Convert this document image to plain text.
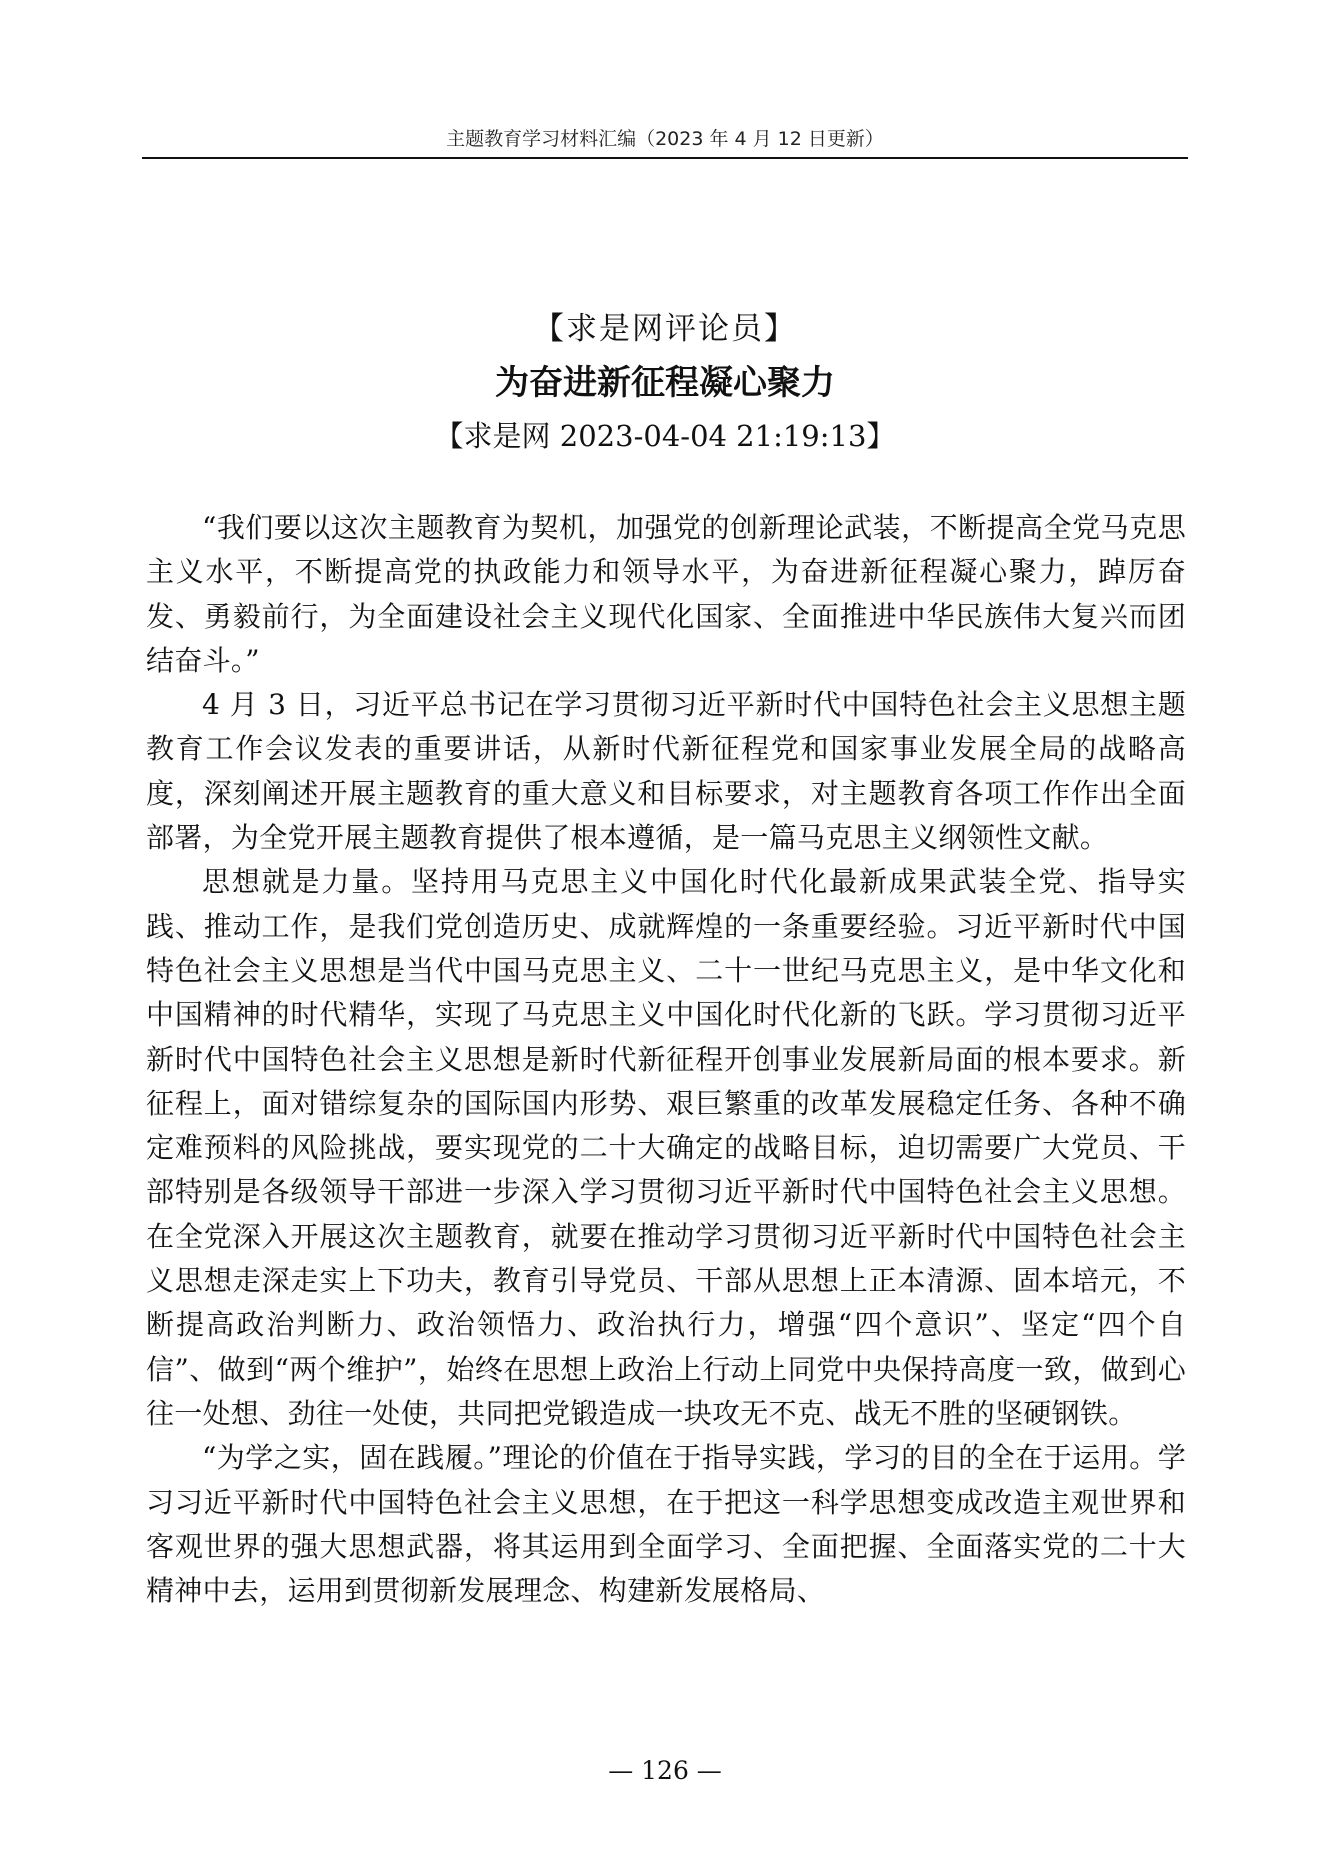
主题教育学习材料汇编（2023 年 4 月 12 日更新）
【求是网评论员】
为奋进新征程凝心聚力
【求是网 2023-04-04 21:19:13】

“我们要以这次主题教育为契机，加强党的创新理论武装，不断提高全党马克思主义水平，不断提高党的执政能力和领导水平，为奋进新征程凝心聚力，踔厉奋发、勇毅前行，为全面建设社会主义现代化国家、全面推进中华民族伟大复兴而团结奋斗。”

4 月 3 日，习近平总书记在学习贯彻习近平新时代中国特色社会主义思想主题教育工作会议发表的重要讲话，从新时代新征程党和国家事业发展全局的战略高度，深刻阐述开展主题教育的重大意义和目标要求，对主题教育各项工作作出全面部署，为全党开展主题教育提供了根本遵循，是一篇马克思主义纲领性文献。

思想就是力量。坚持用马克思主义中国化时代化最新成果武装全党、指导实践、推动工作，是我们党创造历史、成就辉煌的一条重要经验。习近平新时代中国特色社会主义思想是当代中国马克思主义、二十一世纪马克思主义，是中华文化和中国精神的时代精华，实现了马克思主义中国化时代化新的飞跃。学习贯彻习近平新时代中国特色社会主义思想是新时代新征程开创事业发展新局面的根本要求。新征程上，面对错综复杂的国际国内形势、艰巨繁重的改革发展稳定任务、各种不确定难预料的风险挑战，要实现党的二十大确定的战略目标，迫切需要广大党员、干部特别是各级领导干部进一步深入学习贯彻习近平新时代中国特色社会主义思想。在全党深入开展这次主题教育，就要在推动学习贯彻习近平新时代中国特色社会主义思想走深走实上下功夫，教育引导党员、干部从思想上正本清源、固本培元，不断提高政治判断力、政治领悟力、政治执行力，增强“四个意识”、坚定“四个自信”、做到“两个维护”，始终在思想上政治上行动上同党中央保持高度一致，做到心往一处想、劲往一处使，共同把党锻造成一块攻无不克、战无不胜的坚硬钢铁。

“为学之实，固在践履。”理论的价值在于指导实践，学习的目的全在于运用。学习习近平新时代中国特色社会主义思想，在于把这一科学思想变成改造主观世界和客观世界的强大思想武器，将其运用到全面学习、全面把握、全面落实党的二十大精神中去，运用到贯彻新发展理念、构建新发展格局、

— 126 —
